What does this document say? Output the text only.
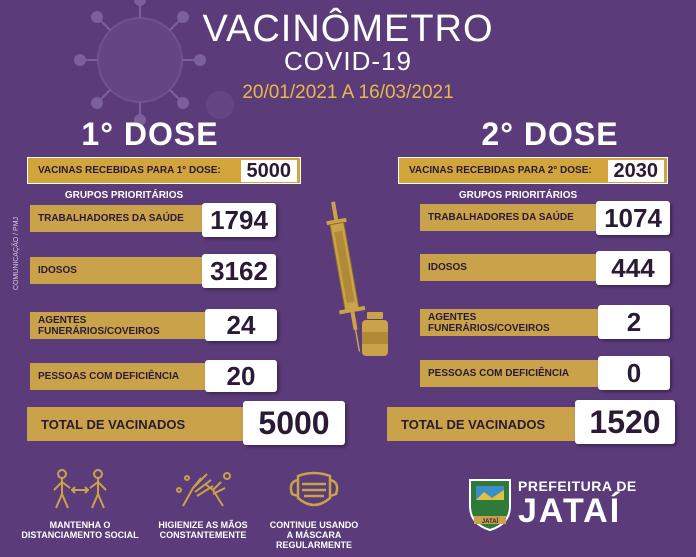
VACINÔMETRO
COVID-19
20/01/2021 A 16/03/2021
COMUNICAÇÃO / PMJ
1° DOSE
VACINAS RECEBIDAS PARA 1° DOSE:	5000
GRUPOS PRIORITÁRIOS
TRABALHADORES DA SAÚDE	1794
IDOSOS	3162
AGENTES FUNERÁRIOS/COVEIROS	24
PESSOAS COM DEFICIÊNCIA	20
TOTAL DE VACINADOS	5000
2° DOSE
VACINAS RECEBIDAS PARA 2° DOSE:	2030
GRUPOS PRIORITÁRIOS
TRABALHADORES DA SAÚDE	1074
IDOSOS	444
AGENTES FUNERÁRIOS/COVEIROS	2
PESSOAS COM DEFICIÊNCIA	0
TOTAL DE VACINADOS	1520
MANTENHA O
DISTANCIAMENTO SOCIAL
HIGIENIZE AS MÃOS
CONSTANTEMENTE
CONTINUE USANDO
A MÁSCARA
REGULARMENTE
JATAÍ
PREFEITURA DE
JATAÍ
